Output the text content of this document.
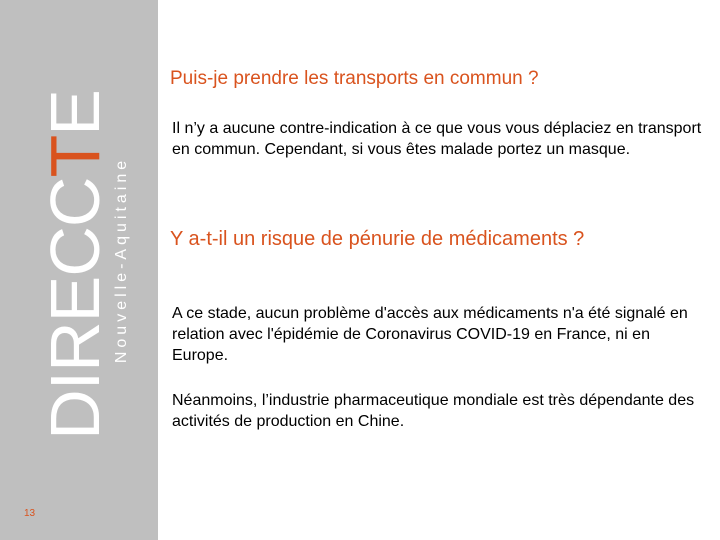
DIRECCTE
Nouvelle-Aquitaine
13
Puis-je prendre les transports en commun ?
Il n’y a aucune contre-indication à ce que vous vous déplaciez en transport en commun. Cependant, si vous êtes malade portez un masque.
Y a-t-il un risque de pénurie de médicaments ?
A ce stade, aucun problème d'accès aux médicaments n'a été signalé en relation avec l'épidémie de Coronavirus COVID-19 en France, ni en Europe.
Néanmoins, l’industrie pharmaceutique mondiale est très dépendante des activités de production en Chine.
